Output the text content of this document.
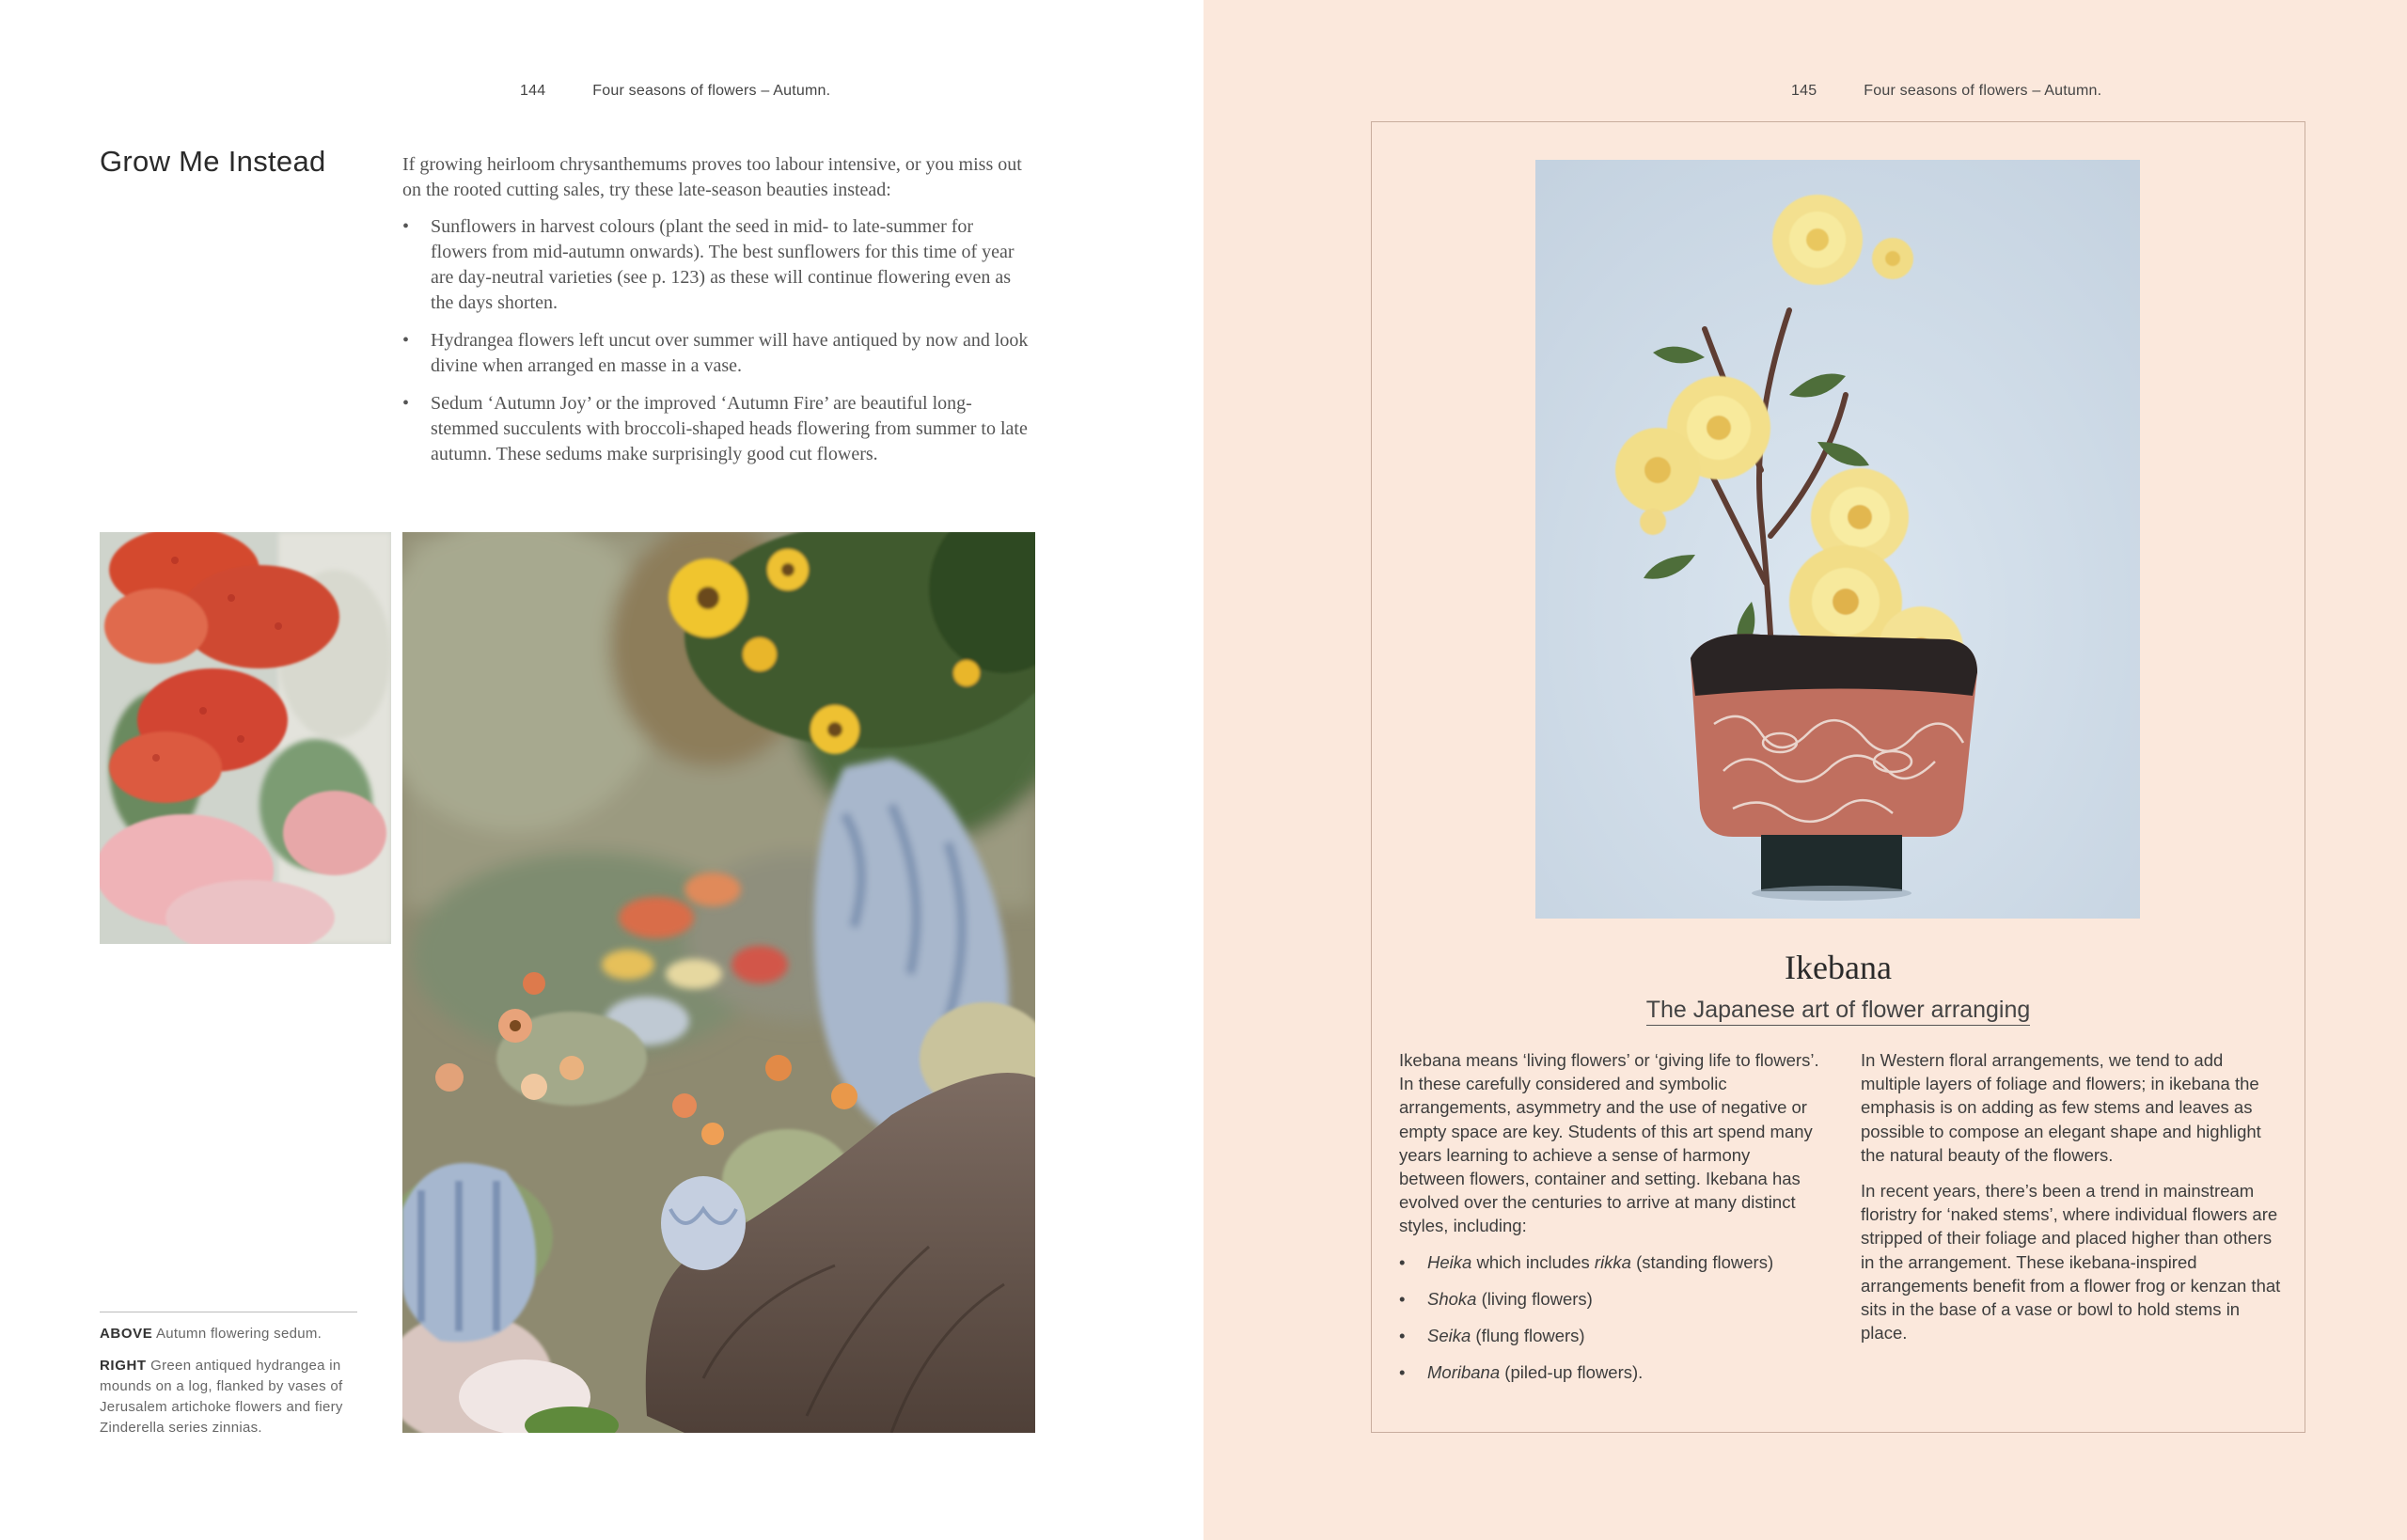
144	Four seasons of flowers – Autumn.
Grow Me Instead	If growing heirloom chrysanthemums proves too labour intensive, or you miss out on the rooted cutting sales, try these late-season beauties instead:

• Sunflowers in harvest colours (plant the seed in mid- to late-summer for flowers from mid-autumn onwards). The best sunflowers for this time of year are day-neutral varieties (see p. 123) as these will continue flowering even as the days shorten.
• Hydrangea flowers left uncut over summer will have antiqued by now and look divine when arranged en masse in a vase.
• Sedum ‘Autumn Joy’ or the improved ‘Autumn Fire’ are beautiful long-stemmed succulents with broccoli-shaped heads flowering from summer to late autumn. These sedums make surprisingly good cut flowers.

ABOVE Autumn flowering sedum.

RIGHT Green antiqued hydrangea in mounds on a log, flanked by vases of Jerusalem artichoke flowers and fiery Zinderella series zinnias.

145	Four seasons of flowers – Autumn.
Ikebana

The Japanese art of flower arranging

Ikebana means ‘living flowers’ or ‘giving life to flowers’. In these carefully considered and symbolic arrangements, asymmetry and the use of negative or empty space are key. Students of this art spend many years learning to achieve a sense of harmony between flowers, container and setting. Ikebana has evolved over the centuries to arrive at many distinct styles, including:

• Heika which includes rikka (standing flowers)
• Shoka (living flowers)
• Seika (flung flowers)
• Moribana (piled-up flowers).

In Western floral arrangements, we tend to add multiple layers of foliage and flowers; in ikebana the emphasis is on adding as few stems and leaves as possible to compose an elegant shape and highlight the natural beauty of the flowers.

In recent years, there’s been a trend in mainstream floristry for ‘naked stems’, where individual flowers are stripped of their foliage and placed higher than others in the arrangement. These ikebana-inspired arrangements benefit from a flower frog or kenzan that sits in the base of a vase or bowl to hold stems in place.
